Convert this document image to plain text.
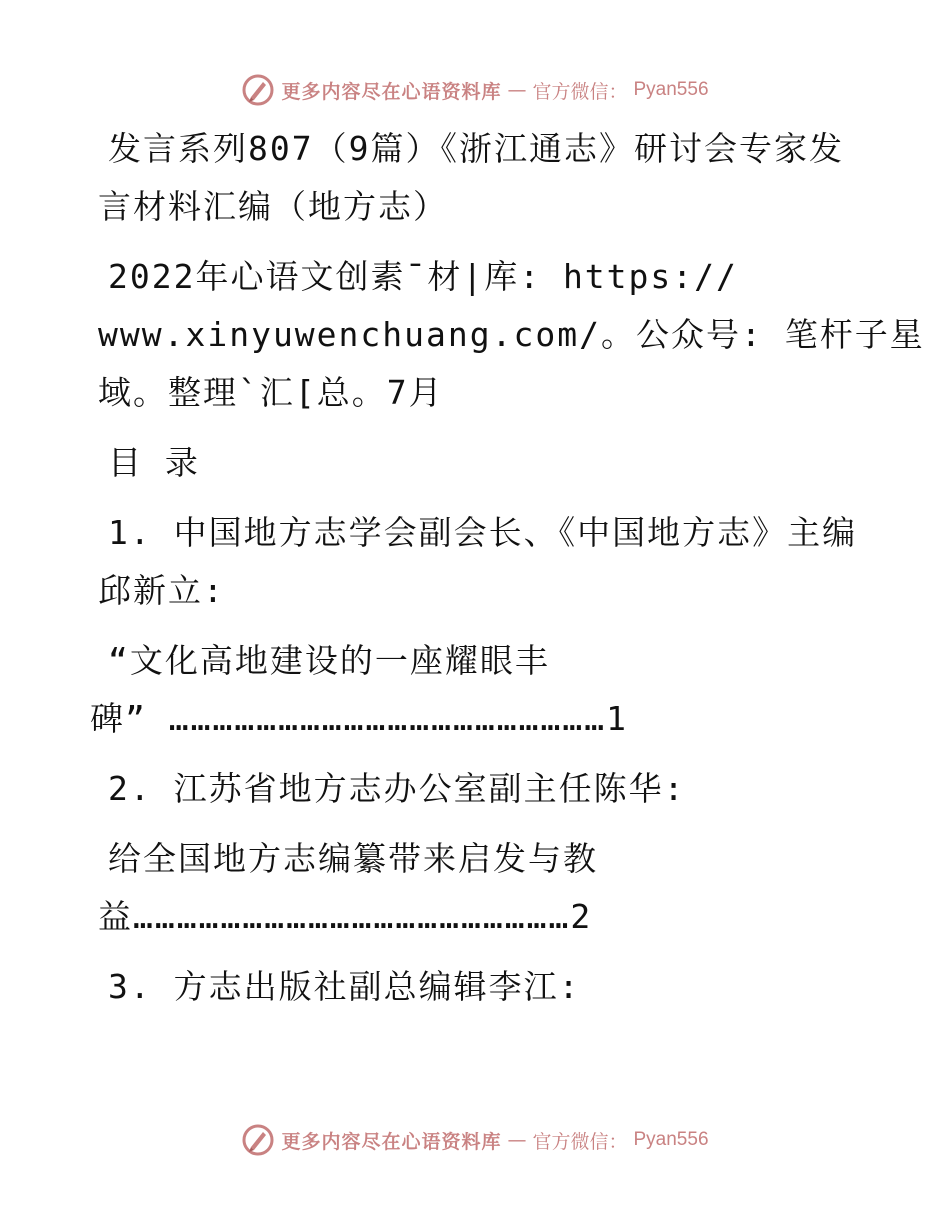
更多内容尽在心语资料库 — 官方微信： Pyan556
发言系列807（9篇）《浙江通志》研讨会专家发
言材料汇编（地方志）
2022年心语文创素¯材|库: https://
www.xinyuwenchuang.com/。公众号: 笔杆子星
域。整理`汇[总。7月
目 录
1. 中国地方志学会副会长、《中国地方志》主编
邱新立:
“文化高地建设的一座耀眼丰
碑” ……………………………………………………1
2. 江苏省地方志办公室副主任陈华:
给全国地方志编纂带来启发与教
益……………………………………………………2
3. 方志出版社副总编辑李江:
更多内容尽在心语资料库 — 官方微信： Pyan556
